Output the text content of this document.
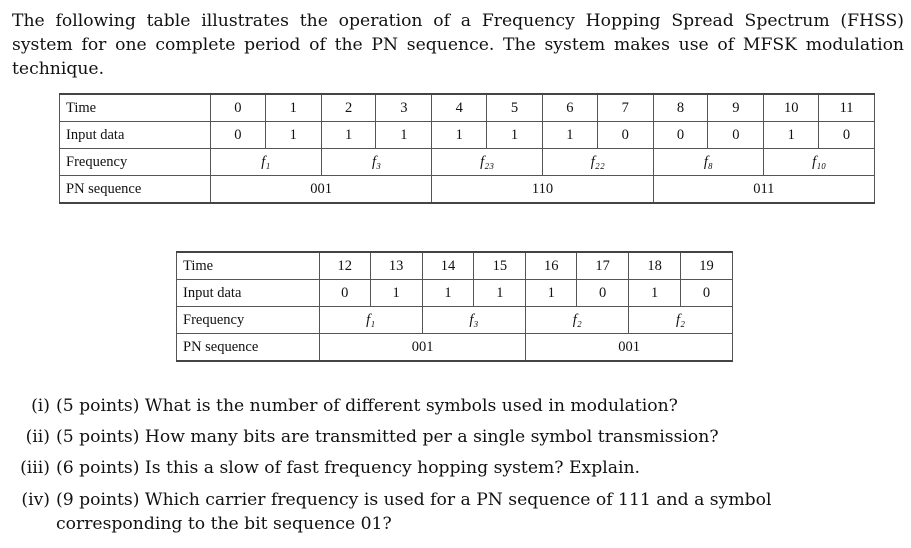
The following table illustrates the operation of a Frequency Hopping Spread Spectrum (FHSS) system for one complete period of the PN sequence. The system makes use of MFSK modulation technique.
Time	0	1	2	3	4	5	6	7	8	9	10	11
Input data	0	1	1	1	1	1	1	0	0	0	1	0
Frequency	f₁		f₃		f₂₃		f₂₂		f₈		f₁₀	
PN sequence	001				110				011			
Time	12	13	14	15	16	17	18	19
Input data	0	1	1	1	1	0	1	0
Frequency	f₁		f₃		f₂		f₂	
PN sequence	001				001			
(i) (5 points) What is the number of different symbols used in modulation?
(ii) (5 points) How many bits are transmitted per a single symbol transmission?
(iii) (6 points) Is this a slow of fast frequency hopping system? Explain.
(iv) (9 points) Which carrier frequency is used for a PN sequence of 111 and a symbol corresponding to the bit sequence 01?
